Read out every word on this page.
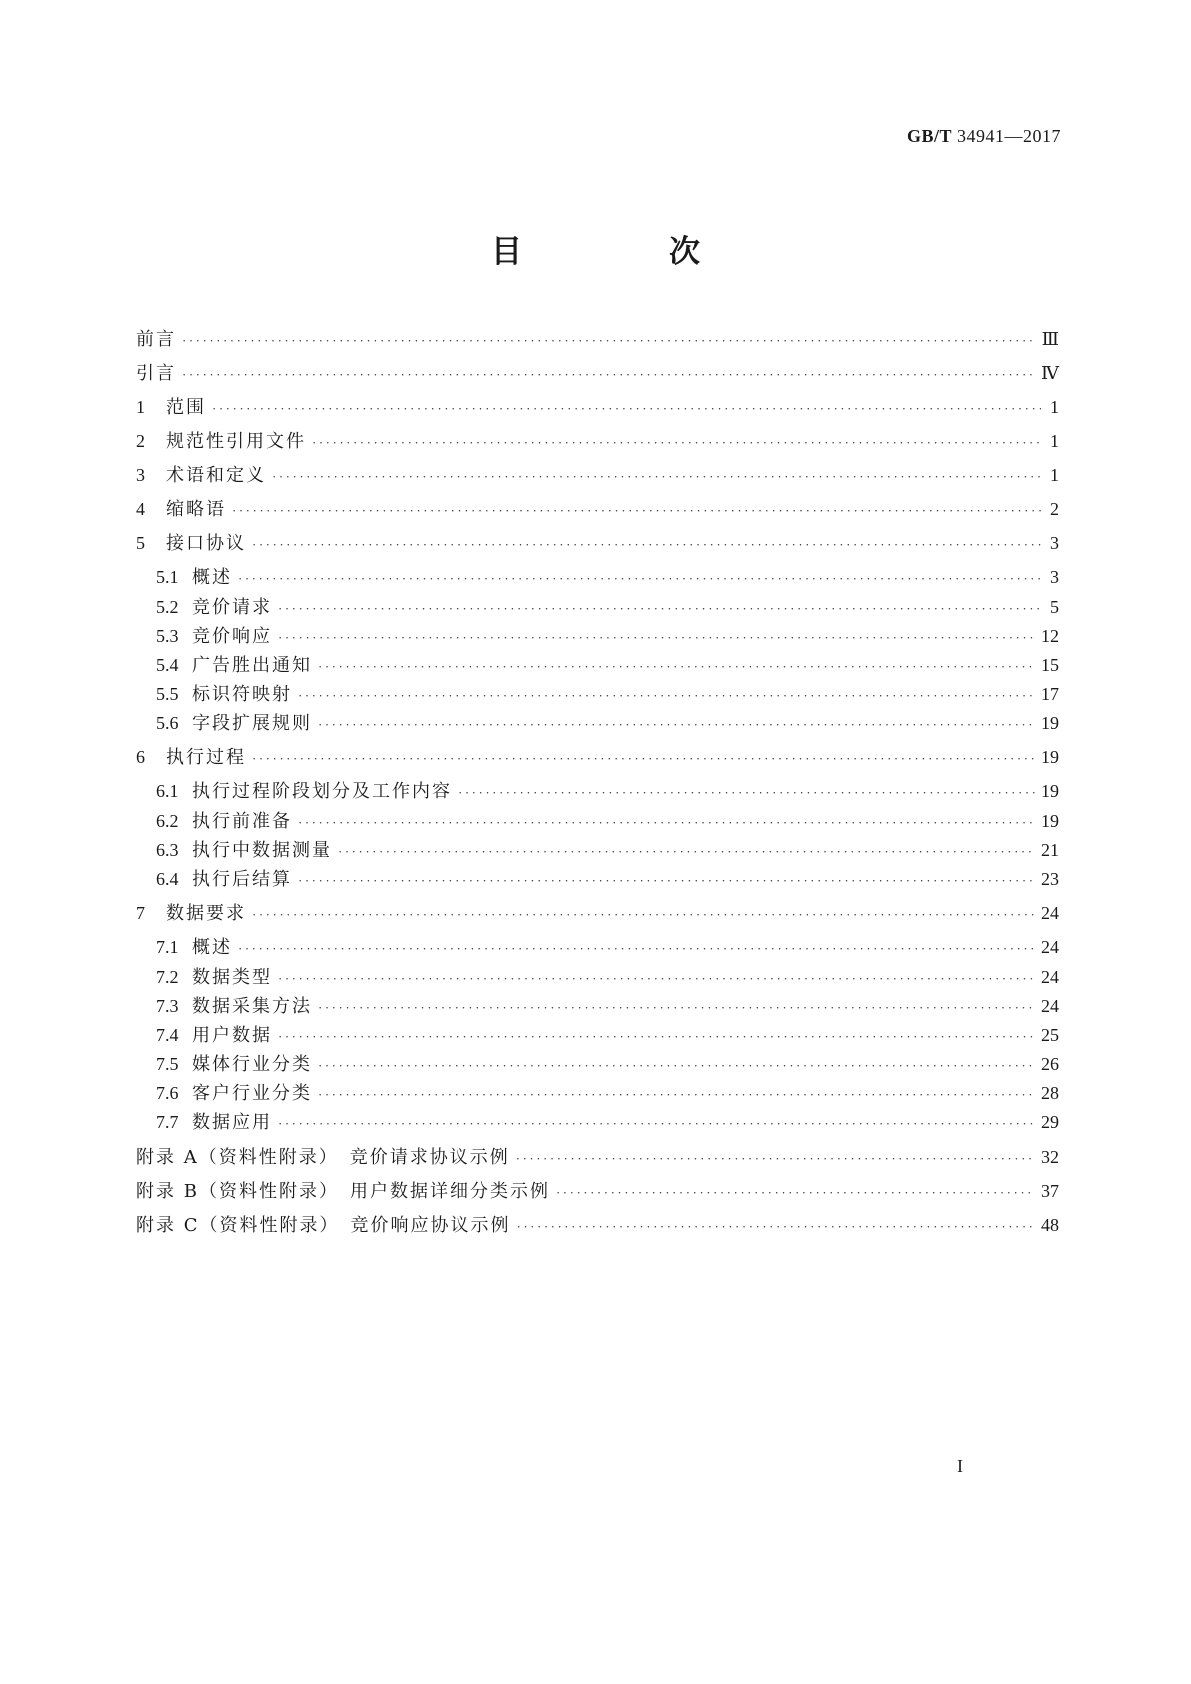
GB/T 34941—2017
目　次
前言 ·····	Ⅲ
引言 ·····	Ⅳ
1	范围 ·····	1
2	规范性引用文件 ·····	1
3	术语和定义 ·····	1
4	缩略语 ·····	2
5	接口协议 ·····	3
5.1 概述 ·····	3
5.2 竞价请求 ·····	5
5.3 竞价响应 ·····	12
5.4 广告胜出通知 ·····	15
5.5 标识符映射 ·····	17
5.6 字段扩展规则 ·····	19
6	执行过程 ·····	19
6.1 执行过程阶段划分及工作内容 ·····	19
6.2 执行前准备 ·····	19
6.3 执行中数据测量 ·····	21
6.4 执行后结算 ·····	23
7	数据要求 ·····	24
7.1 概述 ·····	24
7.2 数据类型 ·····	24
7.3 数据采集方法 ·····	24
7.4 用户数据 ·····	25
7.5 媒体行业分类 ·····	26
7.6 客户行业分类 ·····	28
7.7 数据应用 ·····	29
附录 A（资料性附录）　竞价请求协议示例 ·····	32
附录 B（资料性附录）　用户数据详细分类示例 ·····	37
附录 C（资料性附录）　竞价响应协议示例 ·····	48
I
